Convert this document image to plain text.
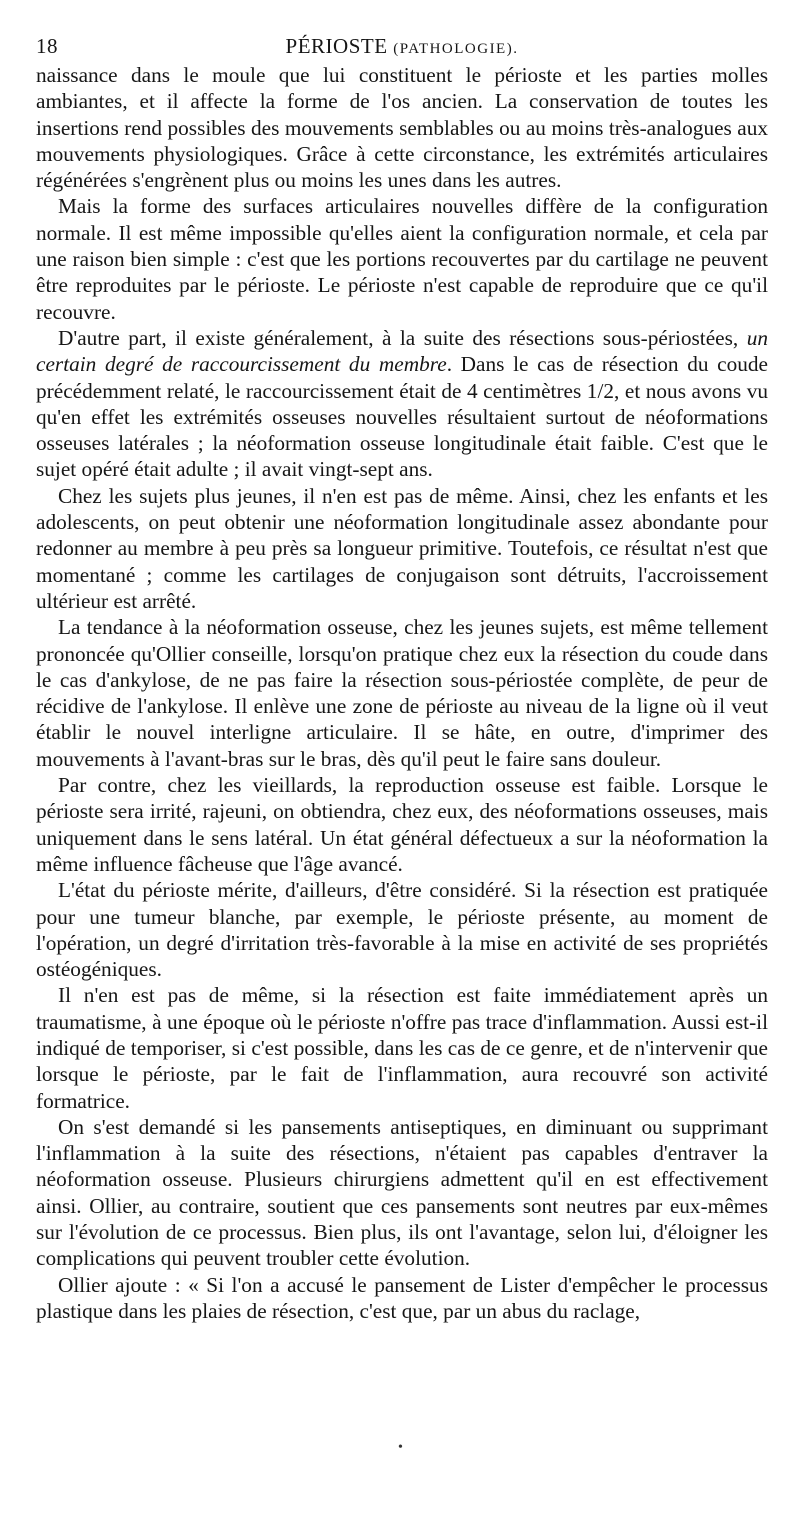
18	PÉRIOSTE (PATHOLOGIE).

naissance dans le moule que lui constituent le périoste et les parties molles ambiantes, et il affecte la forme de l'os ancien. La conservation de toutes les insertions rend possibles des mouvements semblables ou au moins très-analogues aux mouvements physiologiques. Grâce à cette circonstance, les extrémités articulaires régénérées s'engrènent plus ou moins les unes dans les autres.

Mais la forme des surfaces articulaires nouvelles diffère de la configuration normale. Il est même impossible qu'elles aient la configuration normale, et cela par une raison bien simple : c'est que les portions recouvertes par du cartilage ne peuvent être reproduites par le périoste. Le périoste n'est capable de reproduire que ce qu'il recouvre.

D'autre part, il existe généralement, à la suite des résections sous-périostées, un certain degré de raccourcissement du membre. Dans le cas de résection du coude précédemment relaté, le raccourcissement était de 4 centimètres 1/2, et nous avons vu qu'en effet les extrémités osseuses nouvelles résultaient surtout de néoformations osseuses latérales ; la néoformation osseuse longitudinale était faible. C'est que le sujet opéré était adulte ; il avait vingt-sept ans.

Chez les sujets plus jeunes, il n'en est pas de même. Ainsi, chez les enfants et les adolescents, on peut obtenir une néoformation longitudinale assez abondante pour redonner au membre à peu près sa longueur primitive. Toutefois, ce résultat n'est que momentané ; comme les cartilages de conjugaison sont détruits, l'accroissement ultérieur est arrêté.

La tendance à la néoformation osseuse, chez les jeunes sujets, est même tellement prononcée qu'Ollier conseille, lorsqu'on pratique chez eux la résection du coude dans le cas d'ankylose, de ne pas faire la résection sous-périostée complète, de peur de récidive de l'ankylose. Il enlève une zone de périoste au niveau de la ligne où il veut établir le nouvel interligne articulaire. Il se hâte, en outre, d'imprimer des mouvements à l'avant-bras sur le bras, dès qu'il peut le faire sans douleur.

Par contre, chez les vieillards, la reproduction osseuse est faible. Lorsque le périoste sera irrité, rajeuni, on obtiendra, chez eux, des néoformations osseuses, mais uniquement dans le sens latéral. Un état général défectueux a sur la néoformation la même influence fâcheuse que l'âge avancé.

L'état du périoste mérite, d'ailleurs, d'être considéré. Si la résection est pratiquée pour une tumeur blanche, par exemple, le périoste présente, au moment de l'opération, un degré d'irritation très-favorable à la mise en activité de ses propriétés ostéogéniques.

Il n'en est pas de même, si la résection est faite immédiatement après un traumatisme, à une époque où le périoste n'offre pas trace d'inflammation. Aussi est-il indiqué de temporiser, si c'est possible, dans les cas de ce genre, et de n'intervenir que lorsque le périoste, par le fait de l'inflammation, aura recouvré son activité formatrice.

On s'est demandé si les pansements antiseptiques, en diminuant ou supprimant l'inflammation à la suite des résections, n'étaient pas capables d'entraver la néoformation osseuse. Plusieurs chirurgiens admettent qu'il en est effectivement ainsi. Ollier, au contraire, soutient que ces pansements sont neutres par eux-mêmes sur l'évolution de ce processus. Bien plus, ils ont l'avantage, selon lui, d'éloigner les complications qui peuvent troubler cette évolution.

Ollier ajoute : « Si l'on a accusé le pansement de Lister d'empêcher le processus plastique dans les plaies de résection, c'est que, par un abus du raclage,

•
